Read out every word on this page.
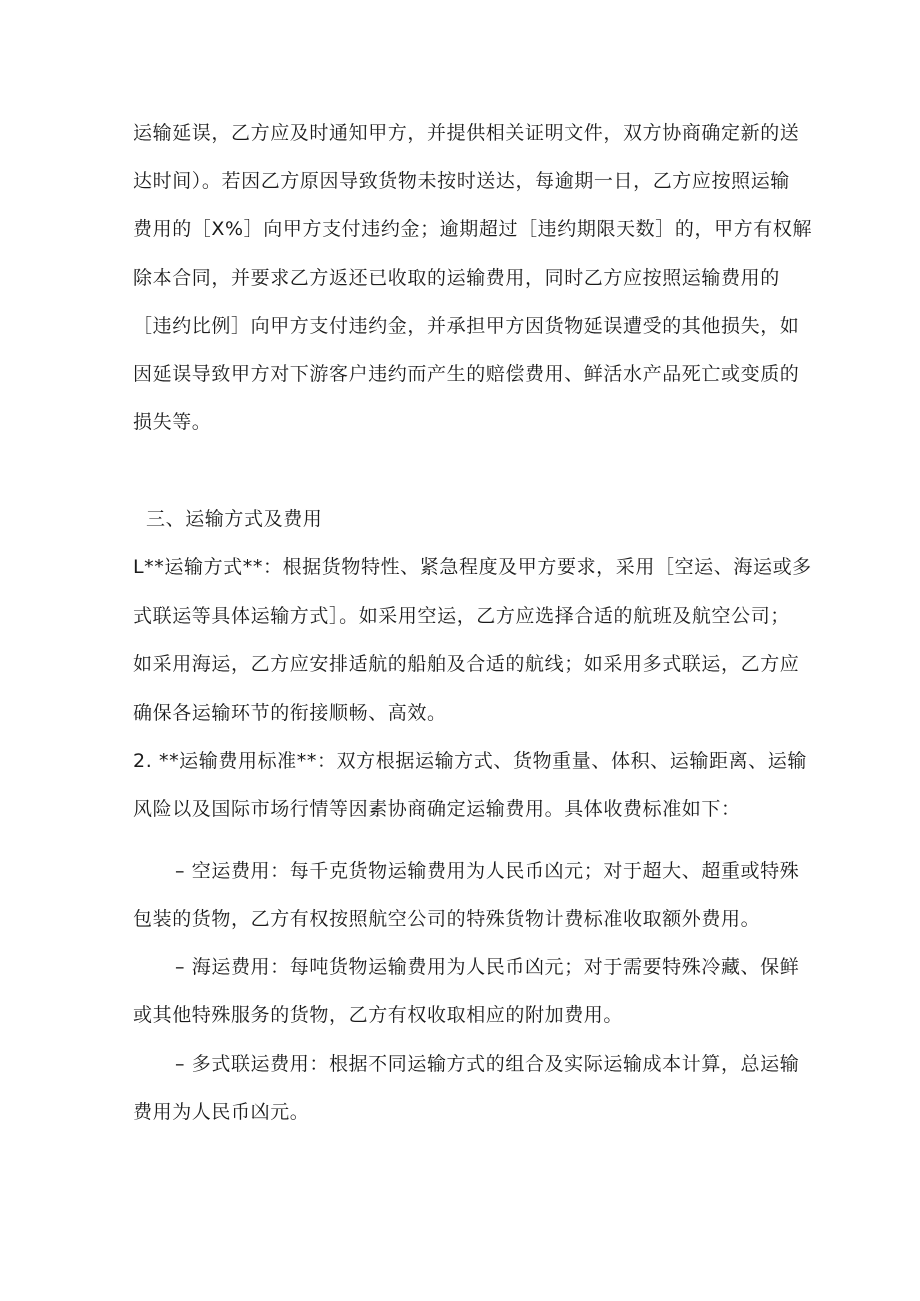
运输延误，乙方应及时通知甲方，并提供相关证明文件，双方协商确定新的送
达时间）。若因乙方原因导致货物未按时送达，每逾期一日，乙方应按照运输
费用的［X%］向甲方支付违约金；逾期超过［违约期限天数］的，甲方有权解
除本合同，并要求乙方返还已收取的运输费用，同时乙方应按照运输费用的
［违约比例］向甲方支付违约金，并承担甲方因货物延误遭受的其他损失，如
因延误导致甲方对下游客户违约而产生的赔偿费用、鲜活水产品死亡或变质的
损失等。
三、运输方式及费用
L**运输方式**：根据货物特性、紧急程度及甲方要求，采用［空运、海运或多
式联运等具体运输方式］。如采用空运，乙方应选择合适的航班及航空公司；
如采用海运，乙方应安排适航的船舶及合适的航线；如采用多式联运，乙方应
确保各运输环节的衔接顺畅、高效。
2. **运输费用标准**：双方根据运输方式、货物重量、体积、运输距离、运输
风险以及国际市场行情等因素协商确定运输费用。具体收费标准如下：
– 空运费用：每千克货物运输费用为人民币凶元；对于超大、超重或特殊
包装的货物，乙方有权按照航空公司的特殊货物计费标准收取额外费用。
– 海运费用：每吨货物运输费用为人民币凶元；对于需要特殊冷藏、保鲜
或其他特殊服务的货物，乙方有权收取相应的附加费用。
– 多式联运费用：根据不同运输方式的组合及实际运输成本计算，总运输
费用为人民币凶元。
